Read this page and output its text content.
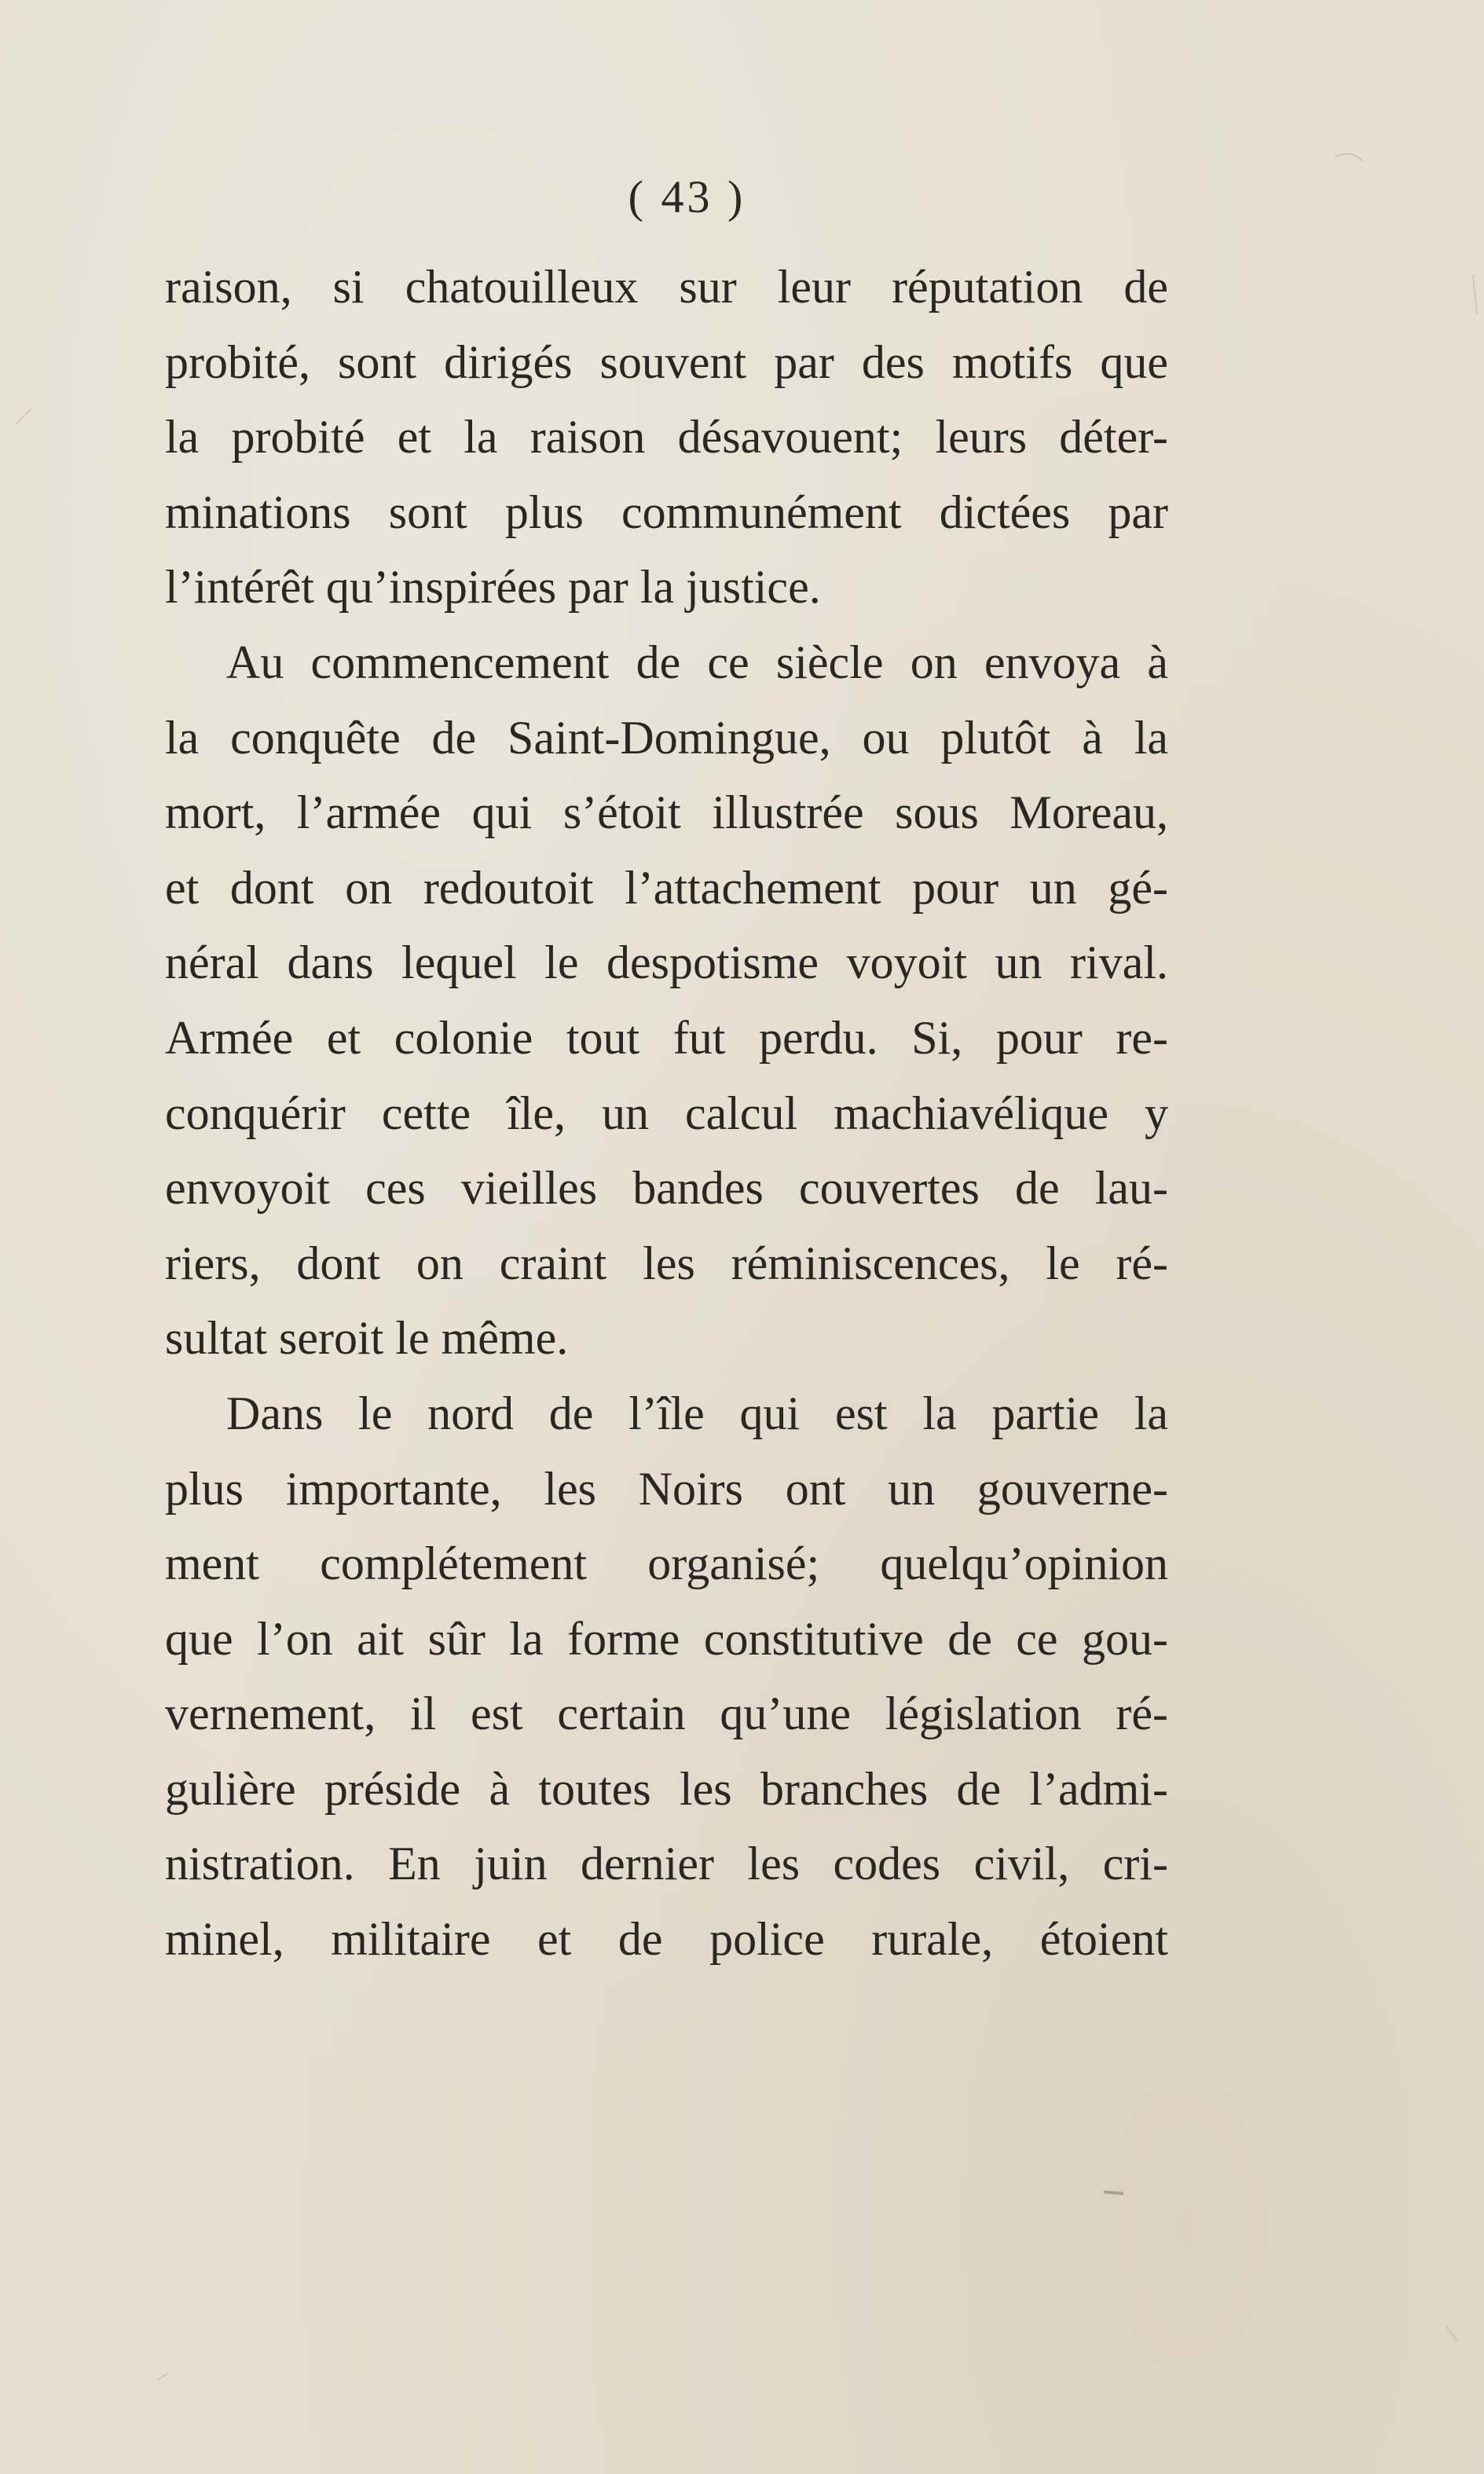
( 43 )
raison, si chatouilleux sur leur réputation de
probité, sont dirigés souvent par des motifs que
la probité et la raison désavouent; leurs déter-
minations sont plus communément dictées par
l’intérêt qu’inspirées par la justice.
Au commencement de ce siècle on envoya à
la conquête de Saint-Domingue, ou plutôt à la
mort, l’armée qui s’étoit illustrée sous Moreau,
et dont on redoutoit l’attachement pour un gé-
néral dans lequel le despotisme voyoit un rival.
Armée et colonie tout fut perdu. Si, pour re-
conquérir cette île, un calcul machiavélique y
envoyoit ces vieilles bandes couvertes de lau-
riers, dont on craint les réminiscences, le ré-
sultat seroit le même.
Dans le nord de l’île qui est la partie la
plus importante, les Noirs ont un gouverne-
ment complétement organisé; quelqu’opinion
que l’on ait sûr la forme constitutive de ce gou-
vernement, il est certain qu’une législation ré-
gulière préside à toutes les branches de l’admi-
nistration. En juin dernier les codes civil, cri-
minel, militaire et de police rurale, étoient
